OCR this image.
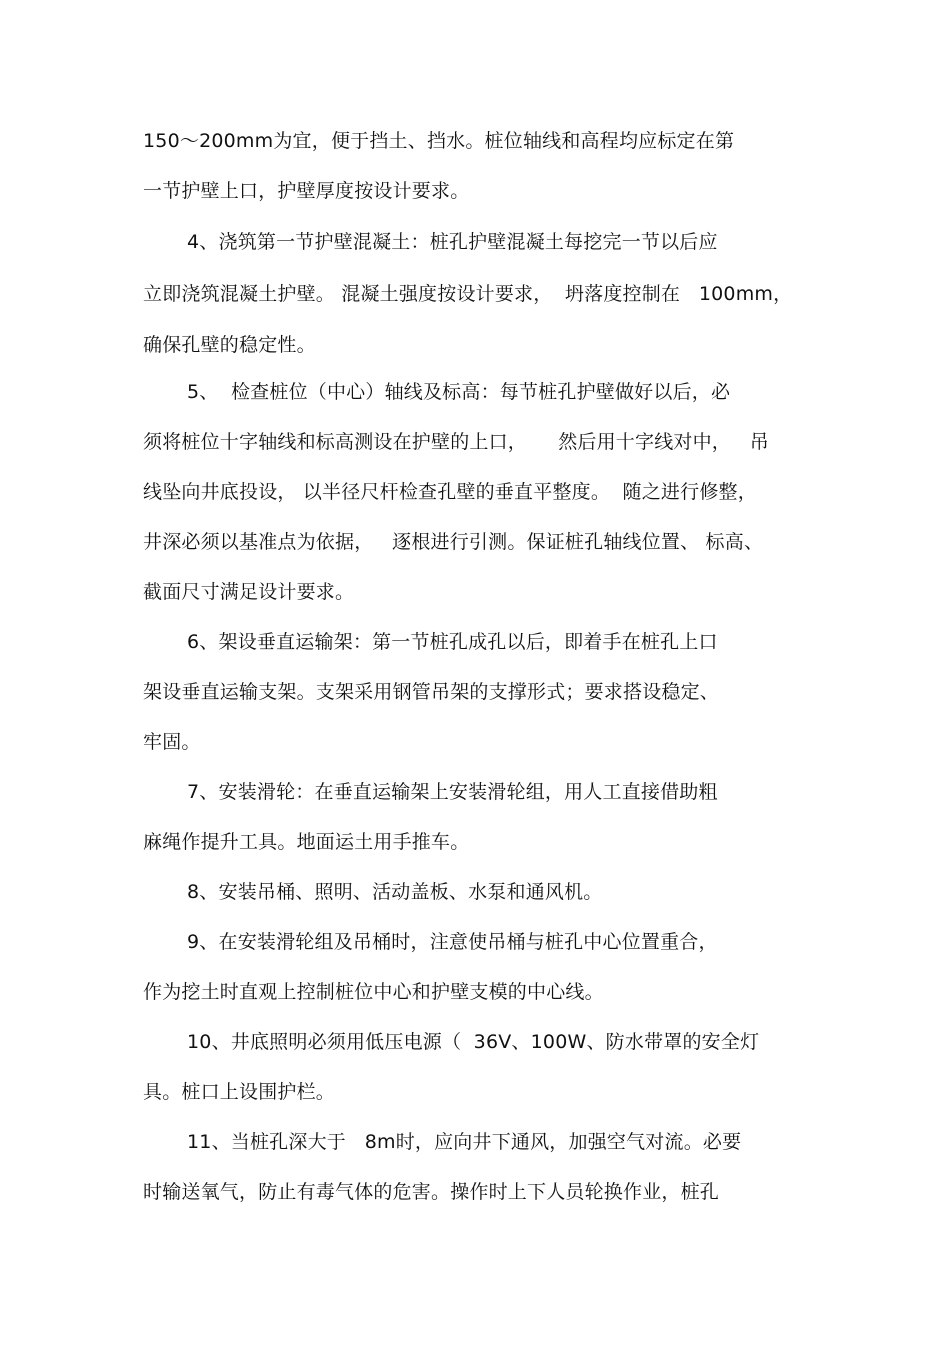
150～200mm为宜，便于挡土、挡水。桩位轴线和高程均应标定在第
一节护壁上口，护壁厚度按设计要求。
4、浇筑第一节护壁混凝土：桩孔护壁混凝土每挖完一节以后应
立即浇筑混凝土护壁。 混凝土强度按设计要求，  坍落度控制在   100mm，
确保孔壁的稳定性。
5、  检查桩位（中心）轴线及标高：每节桩孔护壁做好以后，必
须将桩位十字轴线和标高测设在护壁的上口，     然后用十字线对中，   吊
线坠向井底投设， 以半径尺杆检查孔壁的垂直平整度。  随之进行修整，
井深必须以基准点为依据，   逐根进行引测。保证桩孔轴线位置、 标高、
截面尺寸满足设计要求。
6、架设垂直运输架：第一节桩孔成孔以后，即着手在桩孔上口
架设垂直运输支架。支架采用钢管吊架的支撑形式；要求搭设稳定、
牢固。
7、安装滑轮：在垂直运输架上安装滑轮组，用人工直接借助粗
麻绳作提升工具。地面运土用手推车。
8、安装吊桶、照明、活动盖板、水泵和通风机。
9、在安装滑轮组及吊桶时，注意使吊桶与桩孔中心位置重合，
作为挖土时直观上控制桩位中心和护壁支模的中心线。
10、井底照明必须用低压电源（  36V、100W、防水带罩的安全灯
具。桩口上设围护栏。
11、当桩孔深大于   8m时，应向井下通风，加强空气对流。必要
时输送氧气，防止有毒气体的危害。操作时上下人员轮换作业，桩孔
